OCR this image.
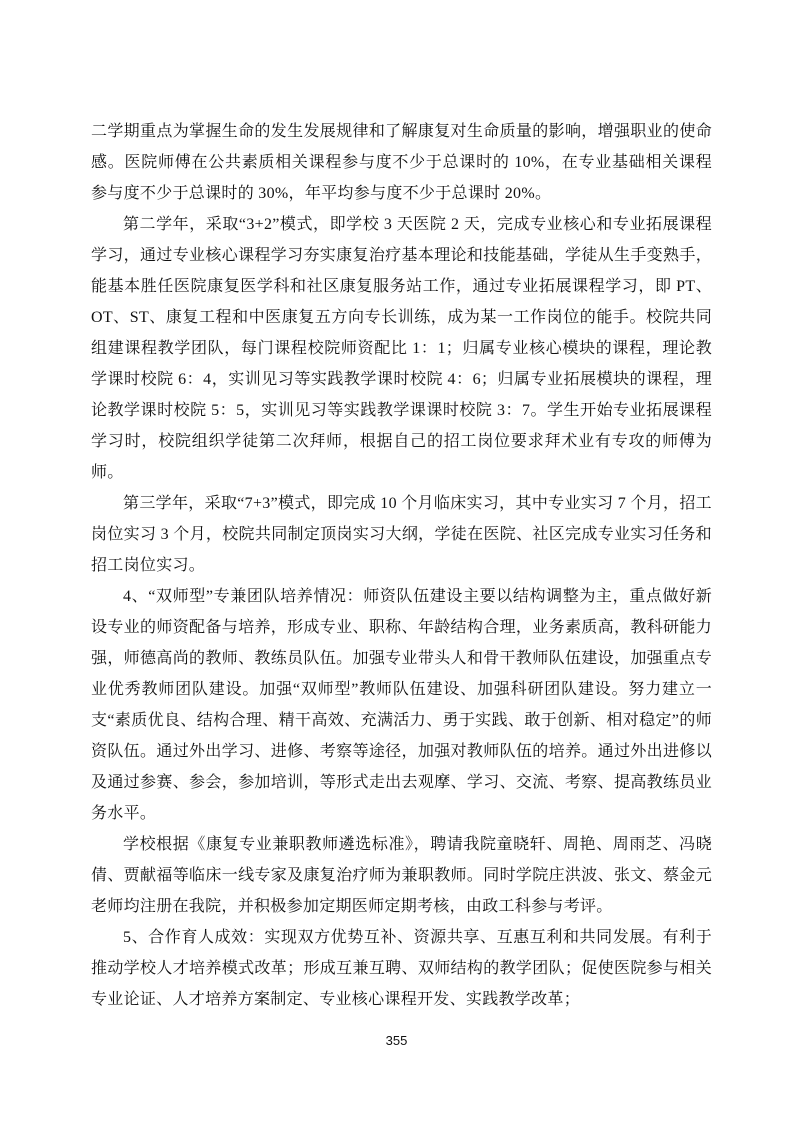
二学期重点为掌握生命的发生发展规律和了解康复对生命质量的影响，增强职业的使命感。医院师傅在公共素质相关课程参与度不少于总课时的 10%，在专业基础相关课程参与度不少于总课时的 30%，年平均参与度不少于总课时 20%。

第二学年，采取“3+2”模式，即学校 3 天医院 2 天，完成专业核心和专业拓展课程学习，通过专业核心课程学习夯实康复治疗基本理论和技能基础，学徒从生手变熟手，能基本胜任医院康复医学科和社区康复服务站工作，通过专业拓展课程学习，即 PT、OT、ST、康复工程和中医康复五方向专长训练，成为某一工作岗位的能手。校院共同组建课程教学团队，每门课程校院师资配比 1：1；归属专业核心模块的课程，理论教学课时校院 6：4，实训见习等实践教学课时校院 4：6；归属专业拓展模块的课程，理论教学课时校院 5：5，实训见习等实践教学课课时校院 3：7。学生开始专业拓展课程学习时，校院组织学徒第二次拜师，根据自己的招工岗位要求拜术业有专攻的师傅为师。

第三学年，采取“7+3”模式，即完成 10 个月临床实习，其中专业实习 7 个月，招工岗位实习 3 个月，校院共同制定顶岗实习大纲，学徒在医院、社区完成专业实习任务和招工岗位实习。

4、“双师型”专兼团队培养情况：师资队伍建设主要以结构调整为主，重点做好新设专业的师资配备与培养，形成专业、职称、年龄结构合理，业务素质高，教科研能力强，师德高尚的教师、教练员队伍。加强专业带头人和骨干教师队伍建设，加强重点专业优秀教师团队建设。加强“双师型”教师队伍建设、加强科研团队建设。努力建立一支“素质优良、结构合理、精干高效、充满活力、勇于实践、敢于创新、相对稳定”的师资队伍。通过外出学习、进修、考察等途径，加强对教师队伍的培养。通过外出进修以及通过参赛、参会，参加培训，等形式走出去观摩、学习、交流、考察、提高教练员业务水平。

学校根据《康复专业兼职教师遴选标准》，聘请我院童晓轩、周艳、周雨芝、冯晓倩、贾献福等临床一线专家及康复治疗师为兼职教师。同时学院庄洪波、张文、蔡金元老师均注册在我院，并积极参加定期医师定期考核，由政工科参与考评。

5、合作育人成效：实现双方优势互补、资源共享、互惠互利和共同发展。有利于推动学校人才培养模式改革；形成互兼互聘、双师结构的教学团队；促使医院参与相关专业论证、人才培养方案制定、专业核心课程开发、实践教学改革；

355
